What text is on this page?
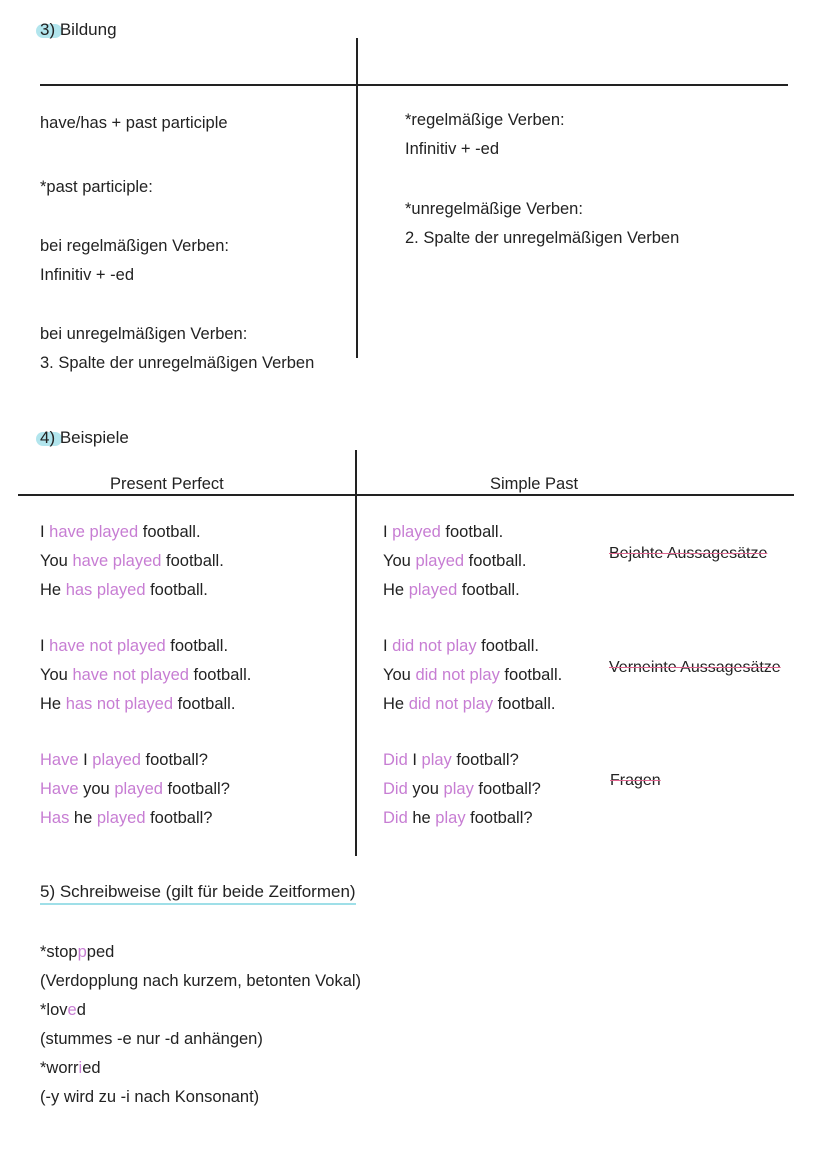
3) Bildung
have/has + past participle
*past participle:
bei regelmäßigen Verben:
Infinitiv + -ed
bei unregelmäßigen Verben:
3. Spalte der unregelmäßigen Verben
*regelmäßige Verben:
Infinitiv + -ed
*unregelmäßige Verben:
2. Spalte der unregelmäßigen Verben
4) Beispiele
Present Perfect	Simple Past
I have played football.
You have played football.
He has played football.
I have not played football.
You have not played football.
He has not played football.
Have I played football?
Have you played football?
Has he played football?
I played football.
You played football.
He played football.
I did not play football.
You did not play football.
He did not play football.
Did I play football?
Did you play football?
Did he play football?
Bejahte Aussagesätze
Verneinte Aussagesätze
Fragen
5) Schreibweise (gilt für beide Zeitformen)
*stoppped
(Verdopplung nach kurzem, betonten Vokal)
*loved
(stummes -e nur -d anhängen)
*worried
(-y wird zu -i nach Konsonant)
